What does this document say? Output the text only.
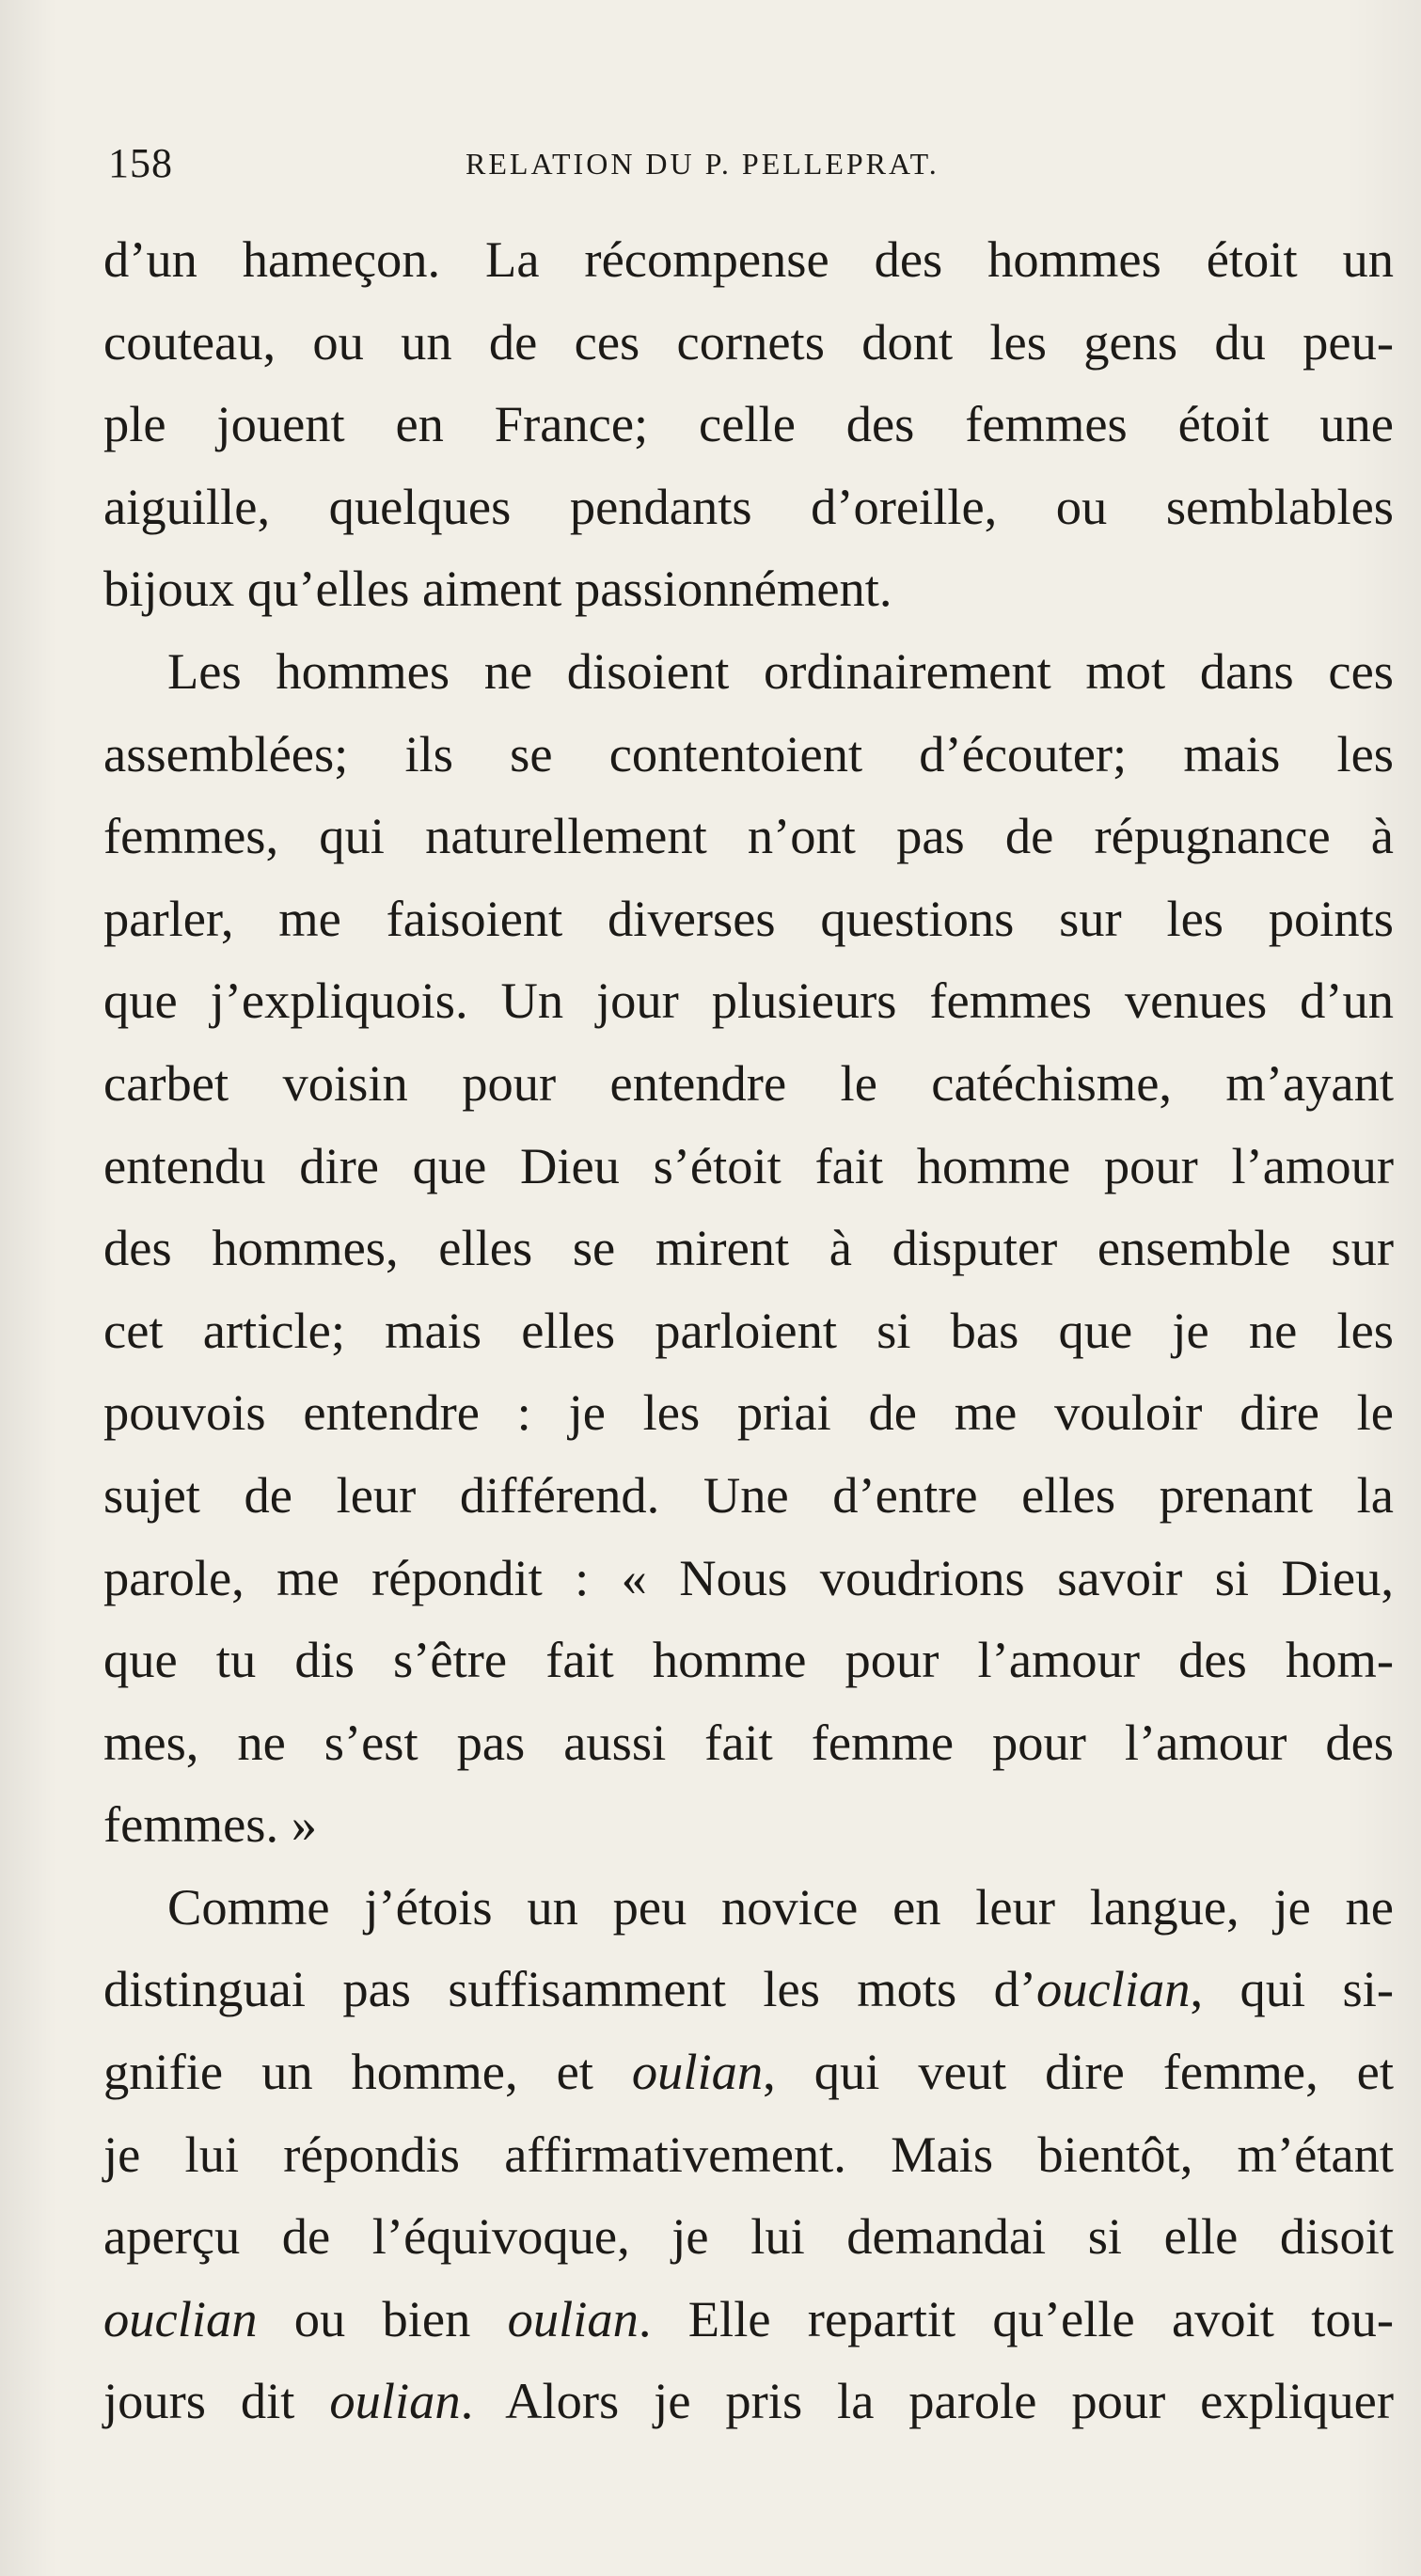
158	RELATION DU P. PELLEPRAT.
d’un hameçon. La récompense des hommes étoit un
couteau, ou un de ces cornets dont les gens du peu-
ple jouent en France; celle des femmes étoit une
aiguille, quelques pendants d’oreille, ou semblables
bijoux qu’elles aiment passionnément.
Les hommes ne disoient ordinairement mot dans ces
assemblées; ils se contentoient d’écouter; mais les
femmes, qui naturellement n’ont pas de répugnance à
parler, me faisoient diverses questions sur les points
que j’expliquois. Un jour plusieurs femmes venues d’un
carbet voisin pour entendre le catéchisme, m’ayant
entendu dire que Dieu s’étoit fait homme pour l’amour
des hommes, elles se mirent à disputer ensemble sur
cet article; mais elles parloient si bas que je ne les
pouvois entendre : je les priai de me vouloir dire le
sujet de leur différend. Une d’entre elles prenant la
parole, me répondit : « Nous voudrions savoir si Dieu,
que tu dis s’être fait homme pour l’amour des hom-
mes, ne s’est pas aussi fait femme pour l’amour des
femmes. »
Comme j’étois un peu novice en leur langue, je ne
distinguai pas suffisamment les mots d’ouclian, qui si-
gnifie un homme, et oulian, qui veut dire femme, et
je lui répondis affirmativement. Mais bientôt, m’étant
aperçu de l’équivoque, je lui demandai si elle disoit
ouclian ou bien oulian. Elle repartit qu’elle avoit tou-
jours dit oulian. Alors je pris la parole pour expliquer
